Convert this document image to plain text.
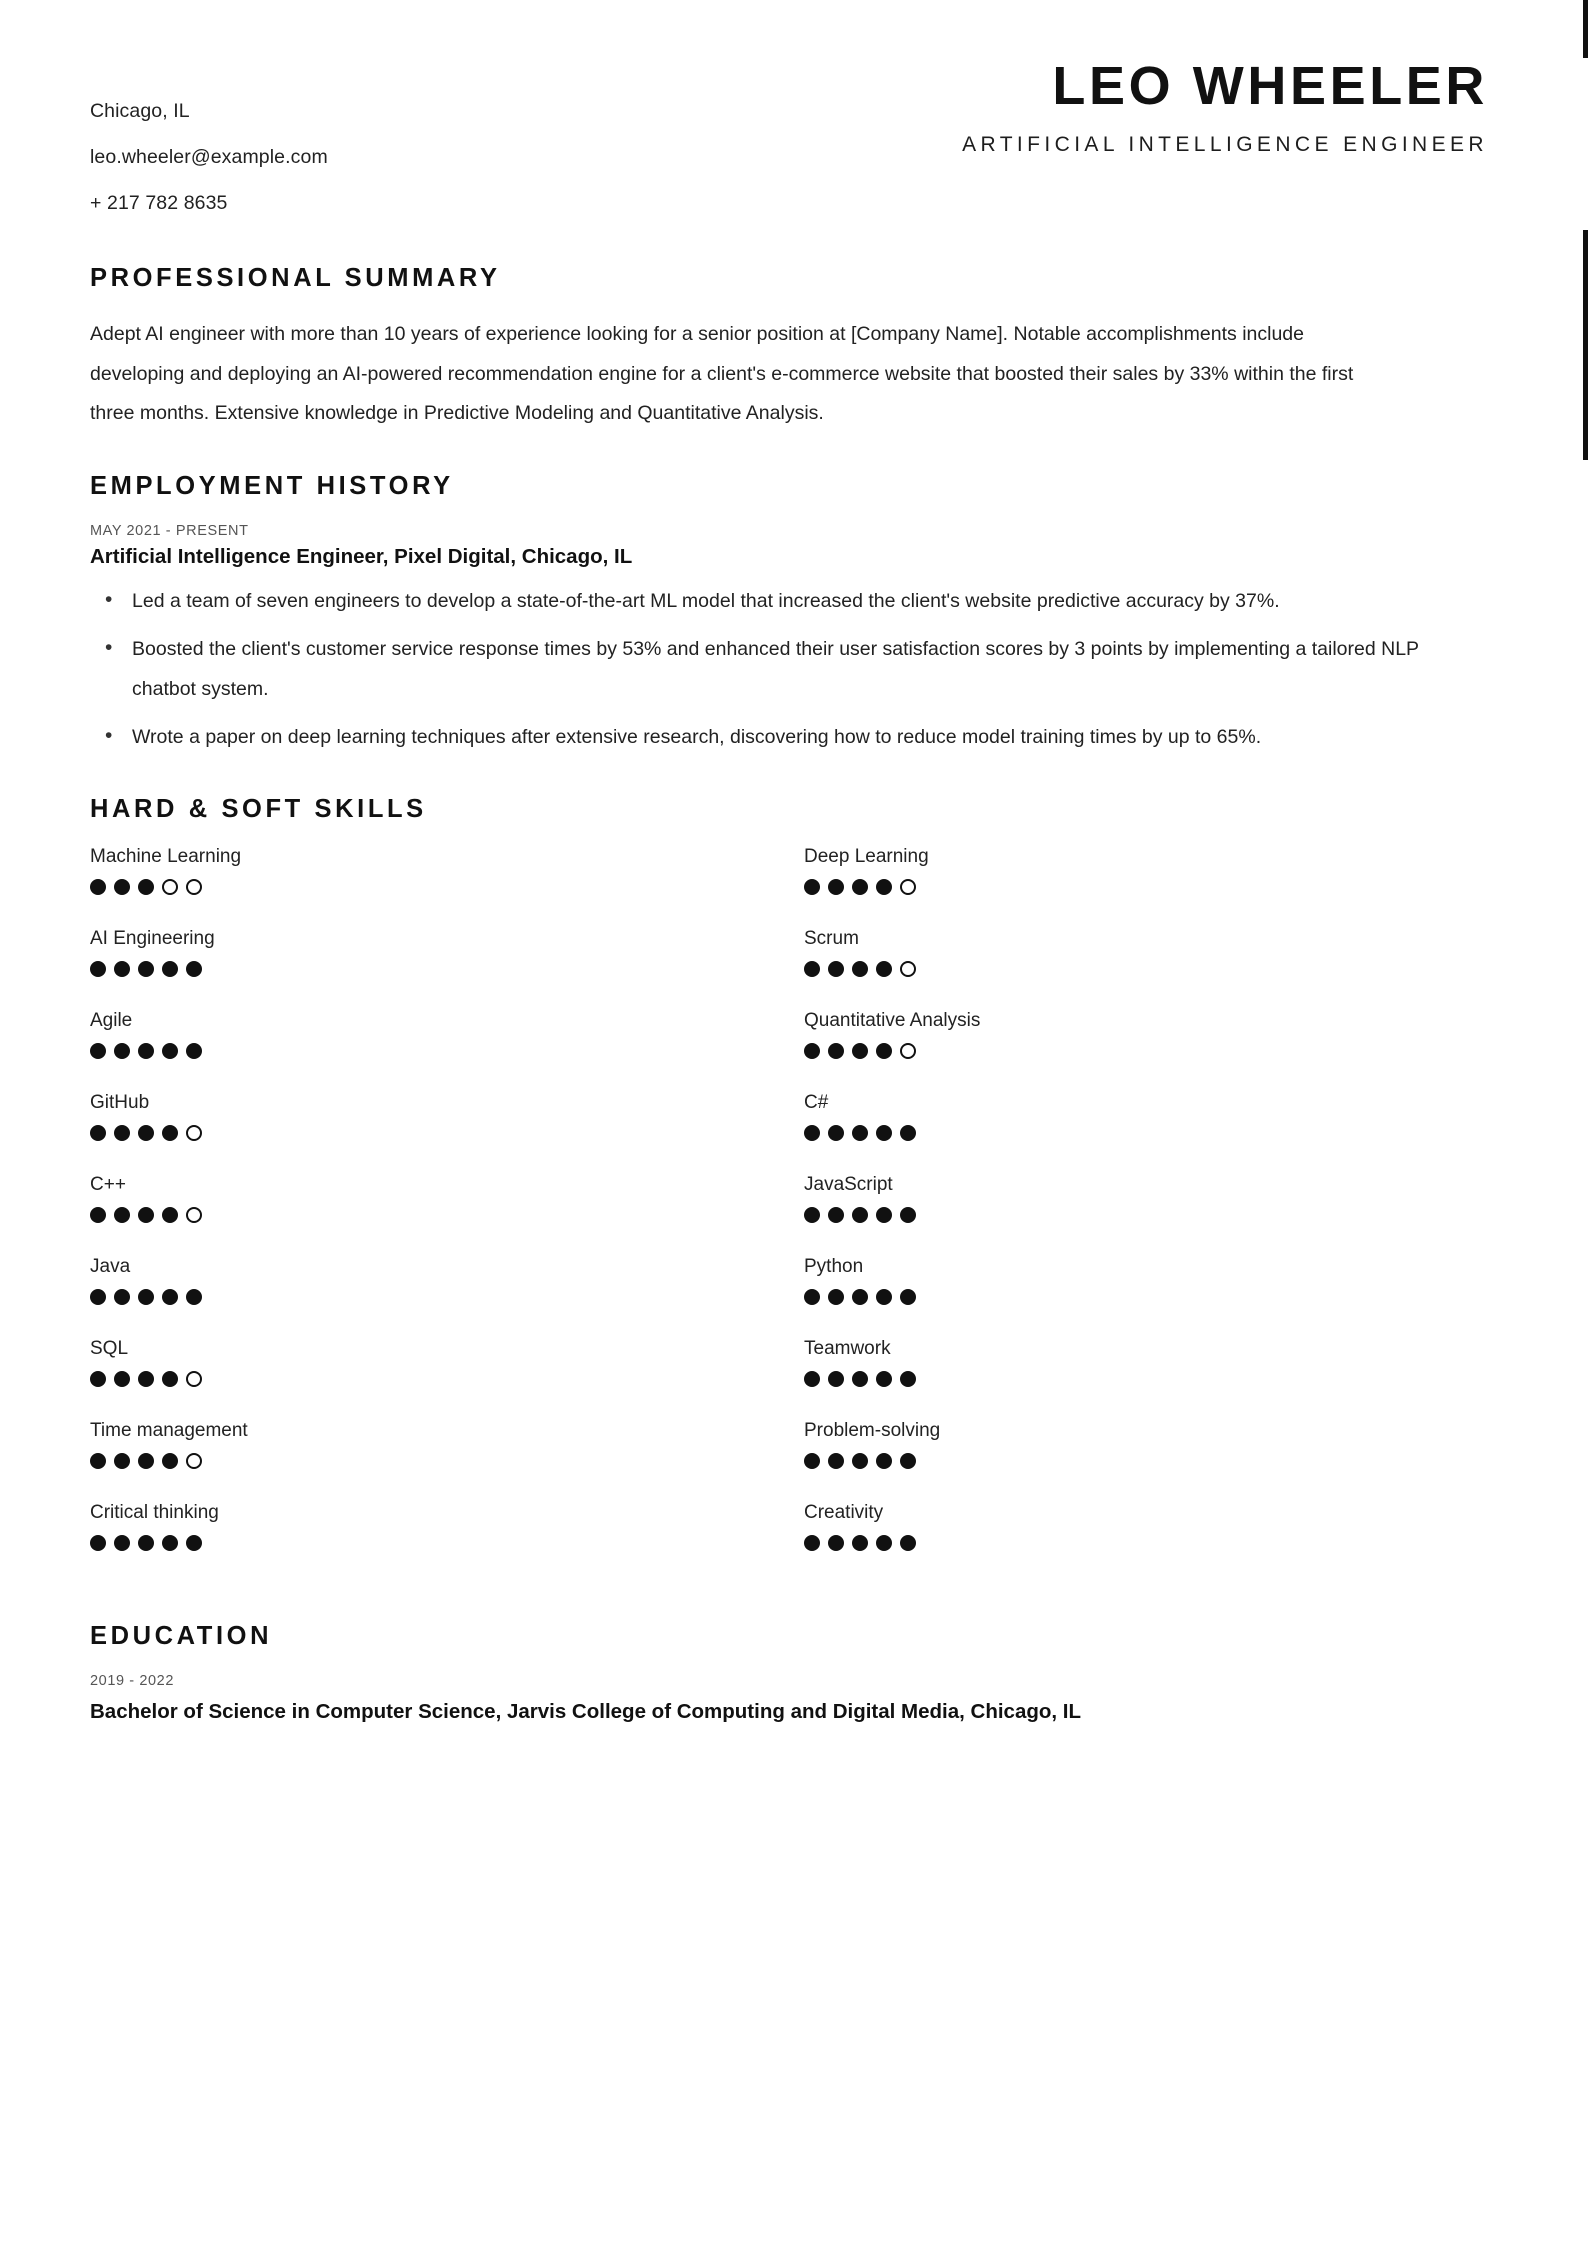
Chicago, IL
leo.wheeler@example.com
+ 217 782 8635
LEO WHEELER
ARTIFICIAL INTELLIGENCE ENGINEER
PROFESSIONAL SUMMARY
Adept AI engineer with more than 10 years of experience looking for a senior position at [Company Name]. Notable accomplishments include developing and deploying an AI-powered recommendation engine for a client's e-commerce website that boosted their sales by 33% within the first three months. Extensive knowledge in Predictive Modeling and Quantitative Analysis.
EMPLOYMENT HISTORY
MAY 2021 - PRESENT
Artificial Intelligence Engineer, Pixel Digital, Chicago, IL
• Led a team of seven engineers to develop a state-of-the-art ML model that increased the client's website predictive accuracy by 37%.
• Boosted the client's customer service response times by 53% and enhanced their user satisfaction scores by 3 points by implementing a tailored NLP chatbot system.
• Wrote a paper on deep learning techniques after extensive research, discovering how to reduce model training times by up to 65%.
HARD & SOFT SKILLS
Machine Learning	Deep Learning
AI Engineering	Scrum
Agile	Quantitative Analysis
GitHub	C#
C++	JavaScript
Java	Python
SQL	Teamwork
Time management	Problem-solving
Critical thinking	Creativity
EDUCATION
2019 - 2022
Bachelor of Science in Computer Science, Jarvis College of Computing and Digital Media, Chicago, IL
